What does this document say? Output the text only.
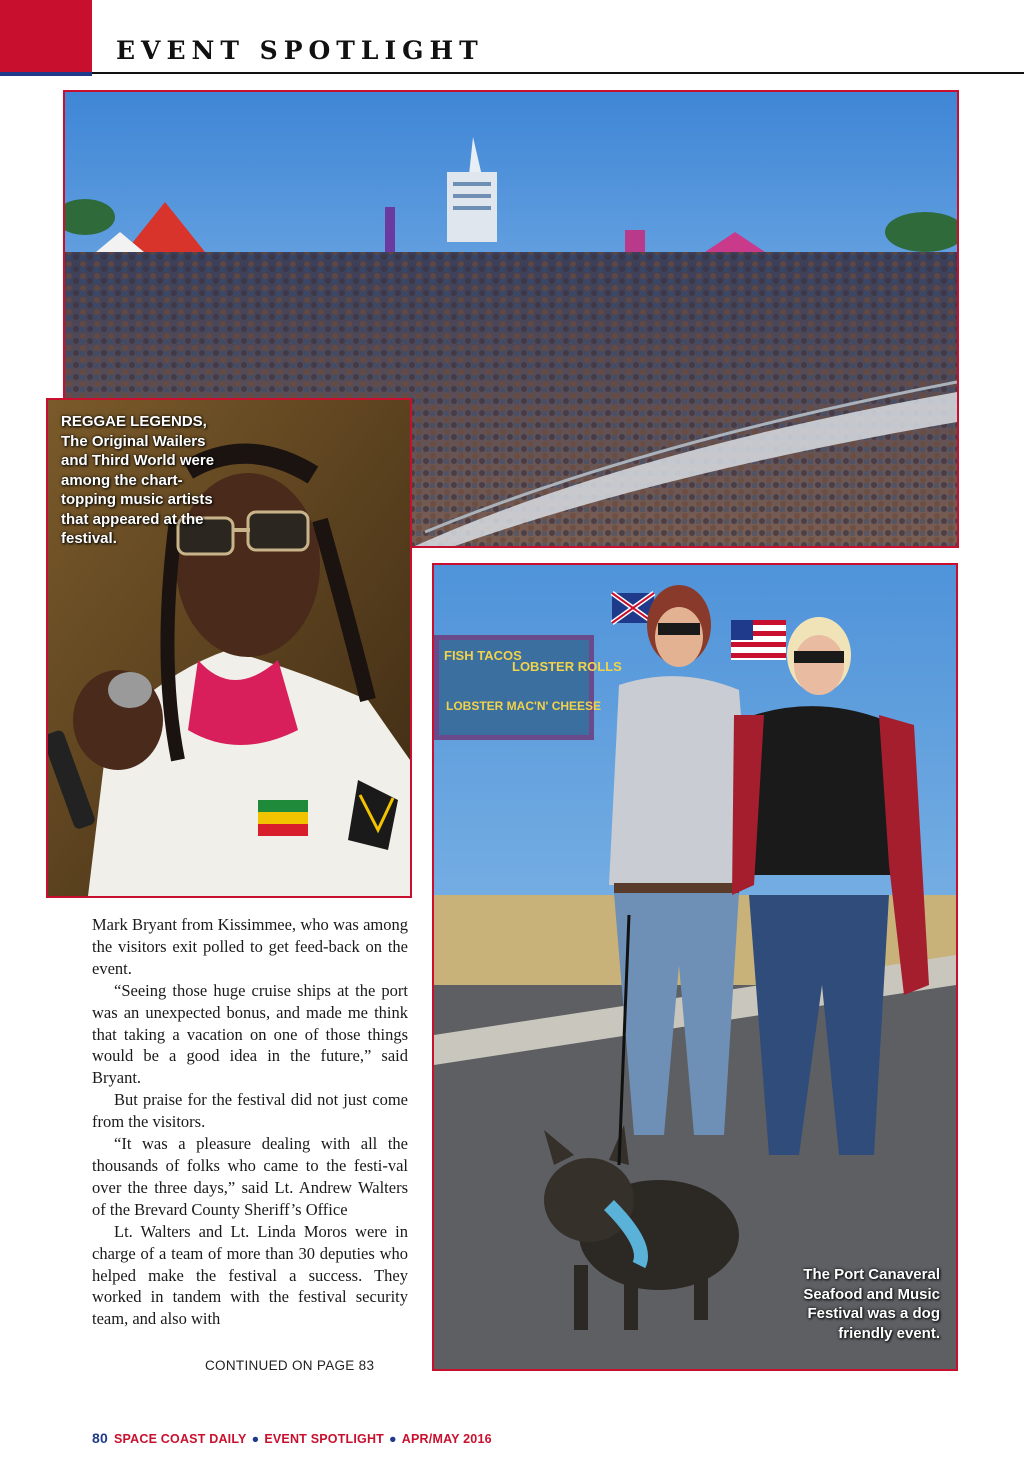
EVENT SPOTLIGHT
REGGAE LEGENDS,
The Original Wailers and Third World were among the chart-topping music artists that appeared at the festival.
FISH TACOS
LOBSTER ROLLS
LOBSTER MAC'N' CHEESE
The Port Canaveral Seafood and Music Festival was a dog friendly event.

Mark Bryant from Kissimmee, who was among the visitors exit polled to get feed-back on the event.

“Seeing those huge cruise ships at the port was an unexpected bonus, and made me think that taking a vacation on one of those things would be a good idea in the future,” said Bryant.

But praise for the festival did not just come from the visitors.

“It was a pleasure dealing with all the thousands of folks who came to the festi-val over the three days,” said Lt. Andrew Walters of the Brevard County Sheriff’s Office

Lt. Walters and Lt. Linda Moros were in charge of a team of more than 30 deputies who helped make the festival a success. They worked in tandem with the festival security team, and also with

CONTINUED ON PAGE 83
80 SPACE COAST DAILY ● EVENT SPOTLIGHT ● APR/MAY 2016
